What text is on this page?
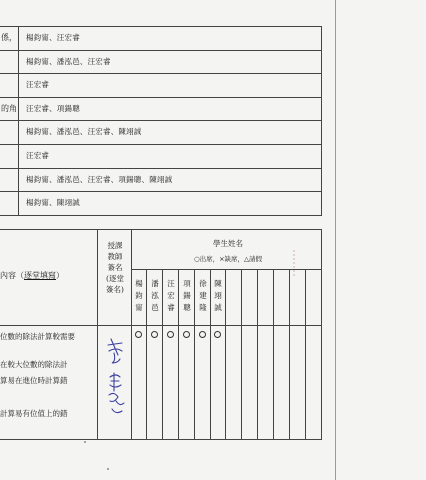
係， 楊鈞甯、汪宏睿
楊鈞甯、潘泓邑、汪宏睿
汪宏睿
的角 汪宏睿、項鍚聰
楊鈞甯、潘泓邑、汪宏睿、陳翊誠
汪宏睿
楊鈞甯、潘泓邑、汪宏睿、項鍚聰、陳翊誠
楊鈞甯、陳翊誠
內容（逐堂填寫）
授課
教師
簽名
(逐堂
簽名)
學生姓名
○出席，×缺席，△請假
楊
鈞
甯
潘
泓
邑
汪
宏
睿
項
鍚
聰
徐
建
隆
陳
翊
誠
位數的除法計算較需要
在較大位數的除法計
算易在進位時計算錯
計算易有位值上的錯
